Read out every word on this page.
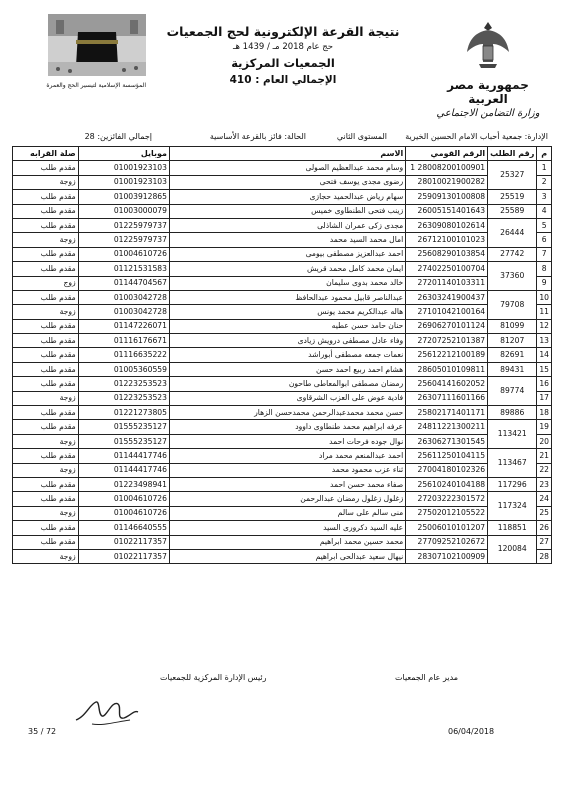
نتيجة القرعة الإلكترونية لحج الجمعيات
حج عام 2018 مـ / 1439 هـ
الجمعيات المركزية
الإجمالي العام : 410	جمهورية مصر العربية
وزارة التضامن الاجتماعي
المؤسسة الإسلامية لتيسير الحج والعمرة
الإدارة: جمعية أحباب الامام الحسين الخيرية
المستوى الثاني
الحالة: فائز بالقرعة الأساسية
إجمالي الفائزين: 28
م	رقم الطلب	الرقم القومي	الاسم	موبايل	صلة القرابه
1	25327	28008200100901 1	وسام محمد عبدالعظيم الصولى	01001923103	مقدم طلب
2		28010021900282	رضوى مجدى يوسف فتحى	01001923103	زوجة
3	25519	25909130100808	سهام رياض عبدالحميد حجازى	01003912865	مقدم طلب
4	25589	26005151401643	زينب فتحى الطنطاوى خميس	01003000079	مقدم طلب
5	26444	26309080102614	مجدى زكى عمران الشاذلى	01225979737	مقدم طلب
6		26712100101023	امال محمد السيد محمد	01225979737	زوجة
7	27742	25608290103854	احمد عبدالعزيز مصطفى بيومى	01004610726	مقدم طلب
8	37360	27402250100704	ايمان محمد كامل محمد قريش	01121531583	مقدم طلب
9		27201140103311	خالد محمد بدوى سليمان	01144704567	زوج
10	79708	26303241900437	عبدالناصر قابيل محمود عبدالحافظ	01003042728	مقدم طلب
11		27101042100164	هاله عبدالكريم محمد يونس	01003042728	زوجة
12	81099	26906270101124	حنان حامد حسن عطيه	01147226071	مقدم طلب
13	81207	27207252101387	وفاء عادل مصطفى درويش زيادى	01116176671	مقدم طلب
14	82691	25612212100189	نعمات جمعه مصطفى أبوراشد	01116635222	مقدم طلب
15	89431	28605010109811	هشام احمد ربيع احمد حسن	01005360559	مقدم طلب
16	89774	25604141602052	رمضان مصطفى ابوالمعاطى طاحون	01223253523	مقدم طلب
17		26307111601166	فادية عوض على العزب الشرقاوى	01223253523	زوجة
18	89886	25802171401171	حسن محمد محمدعبدالرحمن محمدحسن الزهار	01221273805	مقدم طلب
19	113421	24811221300211	عرفه ابراهيم محمد طنطاوى داوود	01555235127	مقدم طلب
20		26306271301545	نوال جوده فرحات احمد	01555235127	زوجة
21	113467	25611250104115	احمد عبدالمنعم محمد مراد	01144417746	مقدم طلب
22		27004180102326	ثناء عزب محمود محمد	01144417746	زوجة
23	117296	25610240104188	صفاء محمد حسن احمد	01223498941	مقدم طلب
24	117324	27203222301572	زغلول زغلول رمضان عبدالرحمن	01004610726	مقدم طلب
25		27502012105522	منى سالم على سالم	01004610726	زوجة
26	118851	25006010101207	عليه السيد دكرورى السيد	01146640555	مقدم طلب
27	120084	27709252102672	محمد حسين محمد ابراهيم	01022117357	مقدم طلب
28		28307102100909	نيهال سعيد عبدالحى ابراهيم	01022117357	زوجة
مدير عام الجمعيات
رئيس الإدارة المركزية للجمعيات
06/04/2018
35 / 72
